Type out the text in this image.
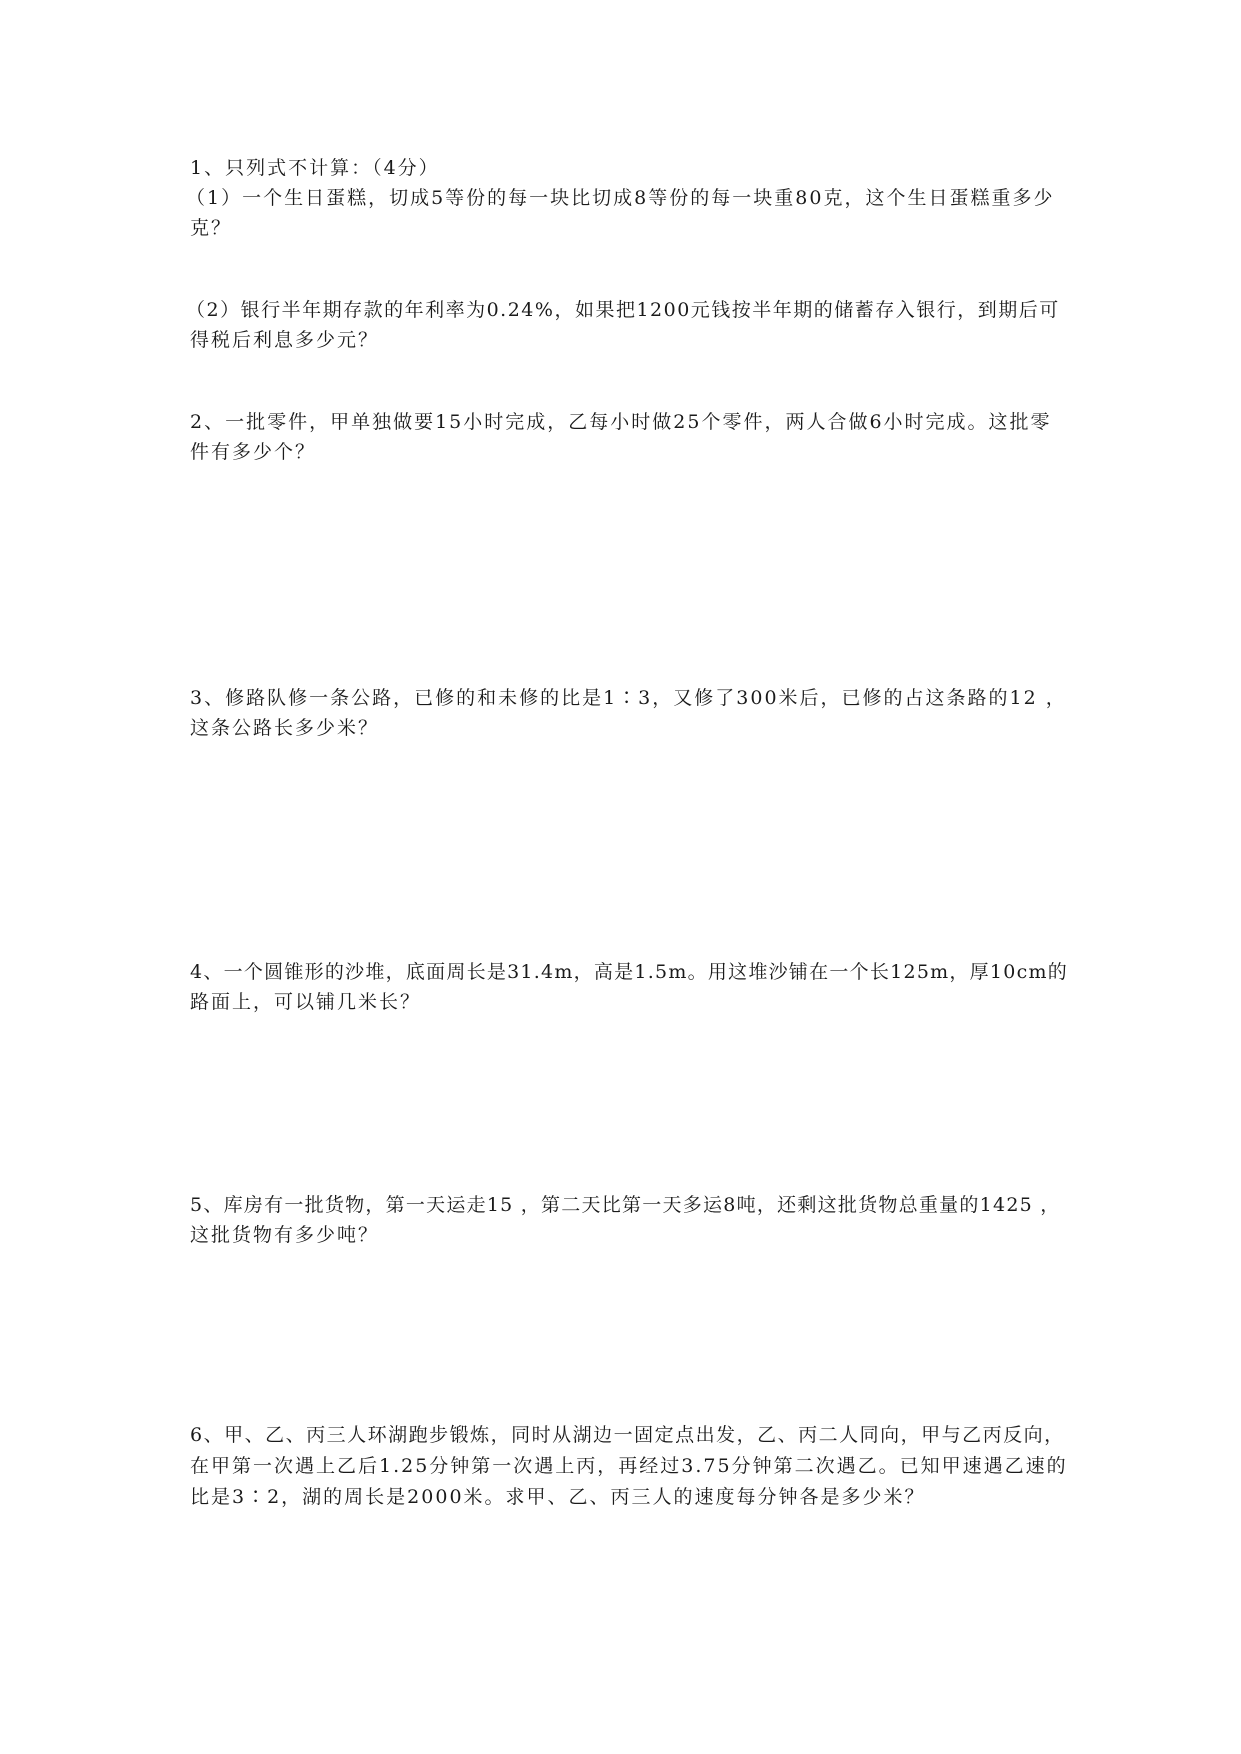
1、只列式不计算：（4分）
（1）一个生日蛋糕，切成5等份的每一块比切成8等份的每一块重80克，这个生日蛋糕重多少
克？
（2）银行半年期存款的年利率为0.24%，如果把1200元钱按半年期的储蓄存入银行，到期后可
得税后利息多少元？
2、一批零件，甲单独做要15小时完成，乙每小时做25个零件，两人合做6小时完成。这批零
件有多少个？
3、修路队修一条公路，已修的和未修的比是1∶3，又修了300米后，已修的占这条路的12 ，
这条公路长多少米？
4、一个圆锥形的沙堆，底面周长是31.4m，高是1.5m。用这堆沙铺在一个长125m，厚10cm的
路面上，可以铺几米长？
5、库房有一批货物，第一天运走15 ，第二天比第一天多运8吨，还剩这批货物总重量的1425 ，
这批货物有多少吨？
6、甲、乙、丙三人环湖跑步锻炼，同时从湖边一固定点出发，乙、丙二人同向，甲与乙丙反向，
在甲第一次遇上乙后1.25分钟第一次遇上丙，再经过3.75分钟第二次遇乙。已知甲速遇乙速的
比是3∶2，湖的周长是2000米。求甲、乙、丙三人的速度每分钟各是多少米？
